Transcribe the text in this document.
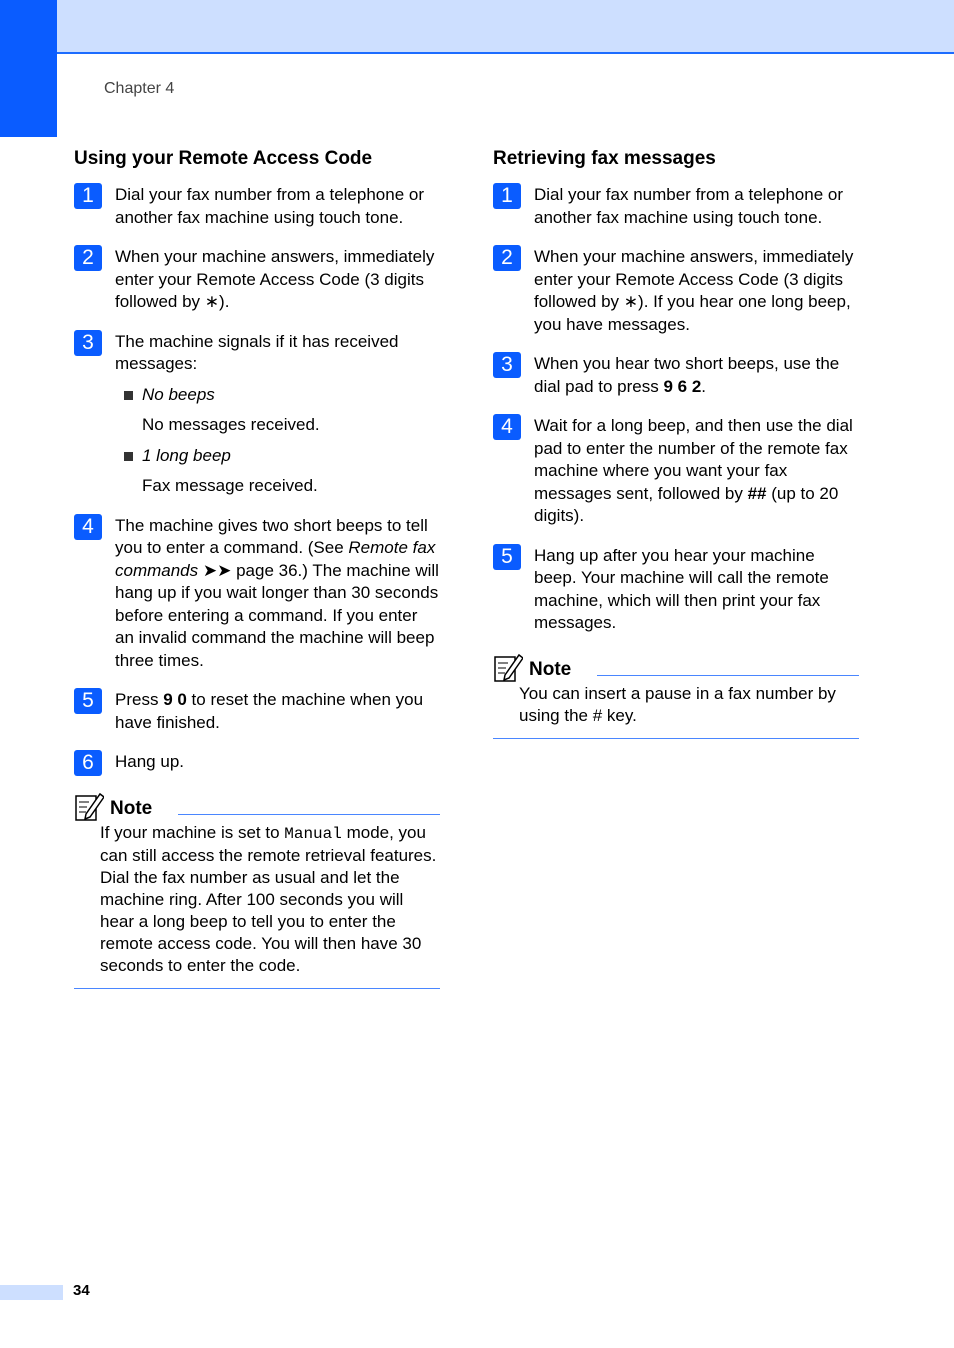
Chapter 4
Using your Remote Access Code
1	Dial your fax number from a telephone or another fax machine using touch tone.
2	When your machine answers, immediately enter your Remote Access Code (3 digits followed by ∗).
3	The machine signals if it has received messages:
No beeps
No messages received.
1 long beep
Fax message received.
4	The machine gives two short beeps to tell you to enter a command. (See Remote fax commands ➤➤ page 36.) The machine will hang up if you wait longer than 30 seconds before entering a command. If you enter an invalid command the machine will beep three times.
5	Press 9 0 to reset the machine when you have finished.
6	Hang up.
Note
If your machine is set to Manual mode, you can still access the remote retrieval features. Dial the fax number as usual and let the machine ring. After 100 seconds you will hear a long beep to tell you to enter the remote access code. You will then have 30 seconds to enter the code.
Retrieving fax messages
1	Dial your fax number from a telephone or another fax machine using touch tone.
2	When your machine answers, immediately enter your Remote Access Code (3 digits followed by ∗). If you hear one long beep, you have messages.
3	When you hear two short beeps, use the dial pad to press 9 6 2.
4	Wait for a long beep, and then use the dial pad to enter the number of the remote fax machine where you want your fax messages sent, followed by ## (up to 20 digits).
5	Hang up after you hear your machine beep. Your machine will call the remote machine, which will then print your fax messages.
Note
You can insert a pause in a fax number by using the # key.
34
